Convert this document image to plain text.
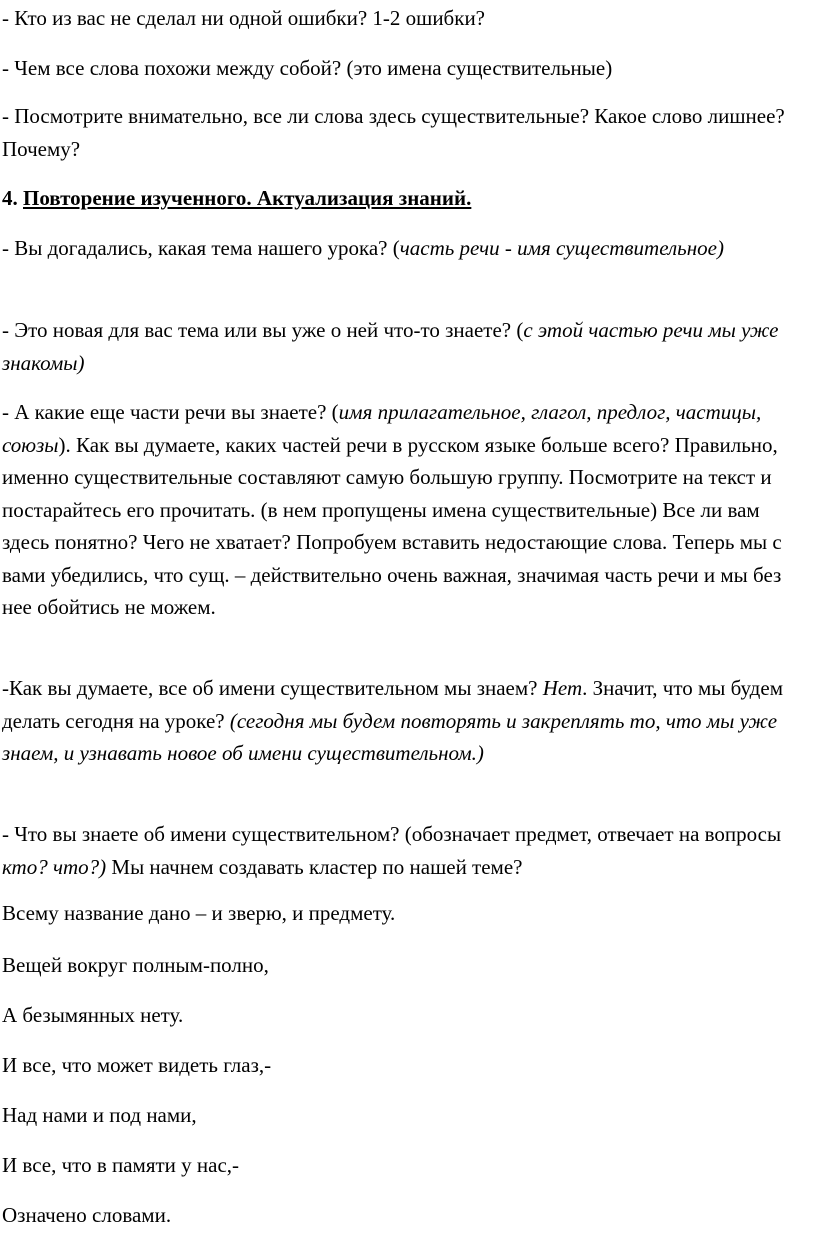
- Кто из вас не сделал ни одной ошибки? 1-2 ошибки?

- Чем все слова похожи между собой? (это имена существительные)

- Посмотрите внимательно, все ли слова здесь существительные? Какое слово лишнее? Почему?

4. Повторение изученного. Актуализация знаний.

- Вы догадались, какая тема нашего урока? (часть речи - имя существительное)

- Это новая для вас тема или вы уже о ней что-то знаете? (с этой частью речи мы уже знакомы)

- А какие еще части речи вы знаете? (имя прилагательное, глагол, предлог, частицы, союзы). Как вы думаете, каких частей речи в русском языке больше всего? Правильно, именно существительные составляют самую большую группу. Посмотрите на текст и постарайтесь его прочитать. (в нем пропущены имена существительные) Все ли вам здесь понятно? Чего не хватает? Попробуем вставить недостающие слова. Теперь мы с вами убедились, что сущ. – действительно очень важная, значимая часть речи и мы без нее обойтись не можем.

-Как вы думаете, все об имени существительном мы знаем? Нет. Значит, что мы будем делать сегодня на уроке? (сегодня мы будем повторять и закреплять то, что мы уже знаем, и узнавать новое об имени существительном.)

- Что вы знаете об имени существительном? (обозначает предмет, отвечает на вопросы кто? что?) Мы начнем создавать кластер по нашей теме?

Всему название дано – и зверю, и предмету.
Вещей вокруг полным-полно,
А безымянных нету.
И все, что может видеть глаз,-
Над нами и под нами,
И все, что в памяти у нас,-
Означено словами.
